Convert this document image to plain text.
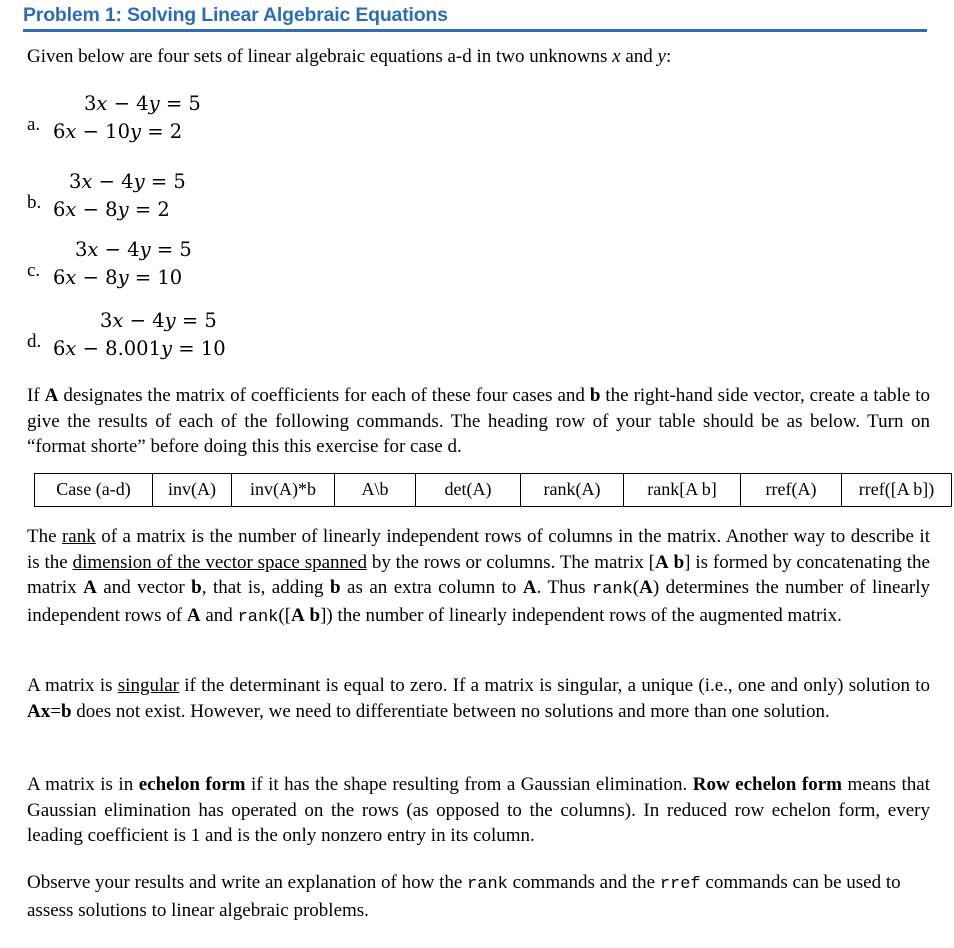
Problem 1: Solving Linear Algebraic Equations
Given below are four sets of linear algebraic equations a-d in two unknowns x and y:
a.
3x − 4y = 5
6x − 10y = 2
b.
3x − 4y = 5
6x − 8y = 2
c.
3x − 4y = 5
6x − 8y = 10
d.
3x − 4y = 5
6x − 8.001y = 10
If A designates the matrix of coefficients for each of these four cases and b the right-hand side vector, create a table to give the results of each of the following commands. The heading row of your table should be as below. Turn on “format shorte” before doing this this exercise for case d.
Case (a-d)	inv(A)	inv(A)*b	A\b	det(A)	rank(A)	rank[A b]	rref(A)	rref([A b])
The rank of a matrix is the number of linearly independent rows of columns in the matrix. Another way to describe it is the dimension of the vector space spanned by the rows or columns. The matrix [A b] is formed by concatenating the matrix A and vector b, that is, adding b as an extra column to A. Thus rank(A) determines the number of linearly independent rows of A and rank([A b]) the number of linearly independent rows of the augmented matrix.
A matrix is singular if the determinant is equal to zero. If a matrix is singular, a unique (i.e., one and only) solution to Ax=b does not exist. However, we need to differentiate between no solutions and more than one solution.
A matrix is in echelon form if it has the shape resulting from a Gaussian elimination. Row echelon form means that Gaussian elimination has operated on the rows (as opposed to the columns). In reduced row echelon form, every leading coefficient is 1 and is the only nonzero entry in its column.
Observe your results and write an explanation of how the rank commands and the rref commands can be used to assess solutions to linear algebraic problems.
